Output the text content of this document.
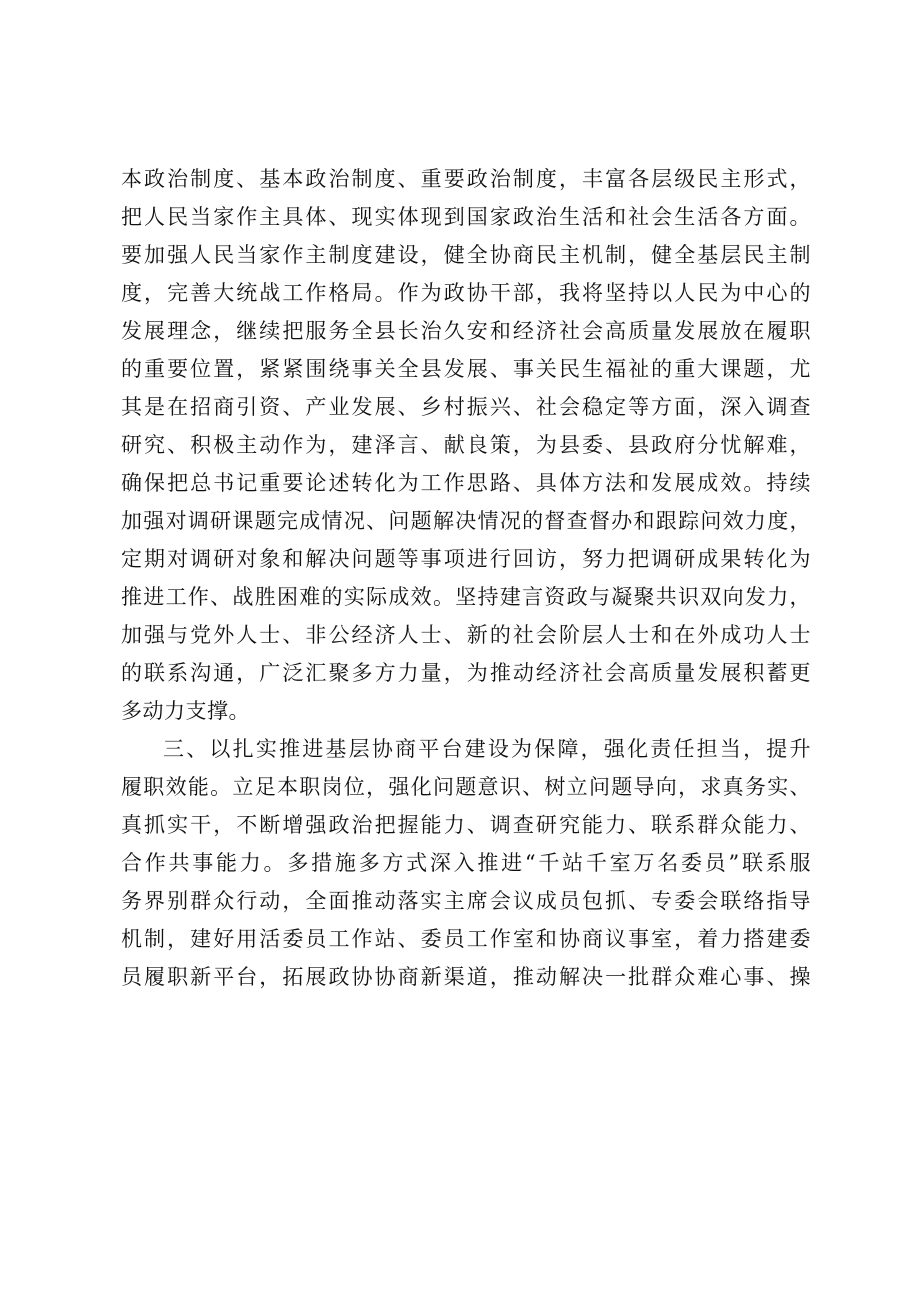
本政治制度、基本政治制度、重要政治制度，丰富各层级民主形式，
把人民当家作主具体、现实体现到国家政治生活和社会生活各方面。
要加强人民当家作主制度建设，健全协商民主机制，健全基层民主制
度，完善大统战工作格局。作为政协干部，我将坚持以人民为中心的
发展理念，继续把服务全县长治久安和经济社会高质量发展放在履职
的重要位置，紧紧围绕事关全县发展、事关民生福祉的重大课题，尤
其是在招商引资、产业发展、乡村振兴、社会稳定等方面，深入调查
研究、积极主动作为，建泽言、献良策，为县委、县政府分忧解难，
确保把总书记重要论述转化为工作思路、具体方法和发展成效。持续
加强对调研课题完成情况、问题解决情况的督查督办和跟踪问效力度，
定期对调研对象和解决问题等事项进行回访，努力把调研成果转化为
推进工作、战胜困难的实际成效。坚持建言资政与凝聚共识双向发力，
加强与党外人士、非公经济人士、新的社会阶层人士和在外成功人士
的联系沟通，广泛汇聚多方力量，为推动经济社会高质量发展积蓄更
多动力支撑。
三、以扎实推进基层协商平台建设为保障，强化责任担当，提升
履职效能。立足本职岗位，强化问题意识、树立问题导向，求真务实、
真抓实干，不断增强政治把握能力、调查研究能力、联系群众能力、
合作共事能力。多措施多方式深入推进“千站千室万名委员”联系服
务界别群众行动，全面推动落实主席会议成员包抓、专委会联络指导
机制，建好用活委员工作站、委员工作室和协商议事室，着力搭建委
员履职新平台，拓展政协协商新渠道，推动解决一批群众难心事、操
